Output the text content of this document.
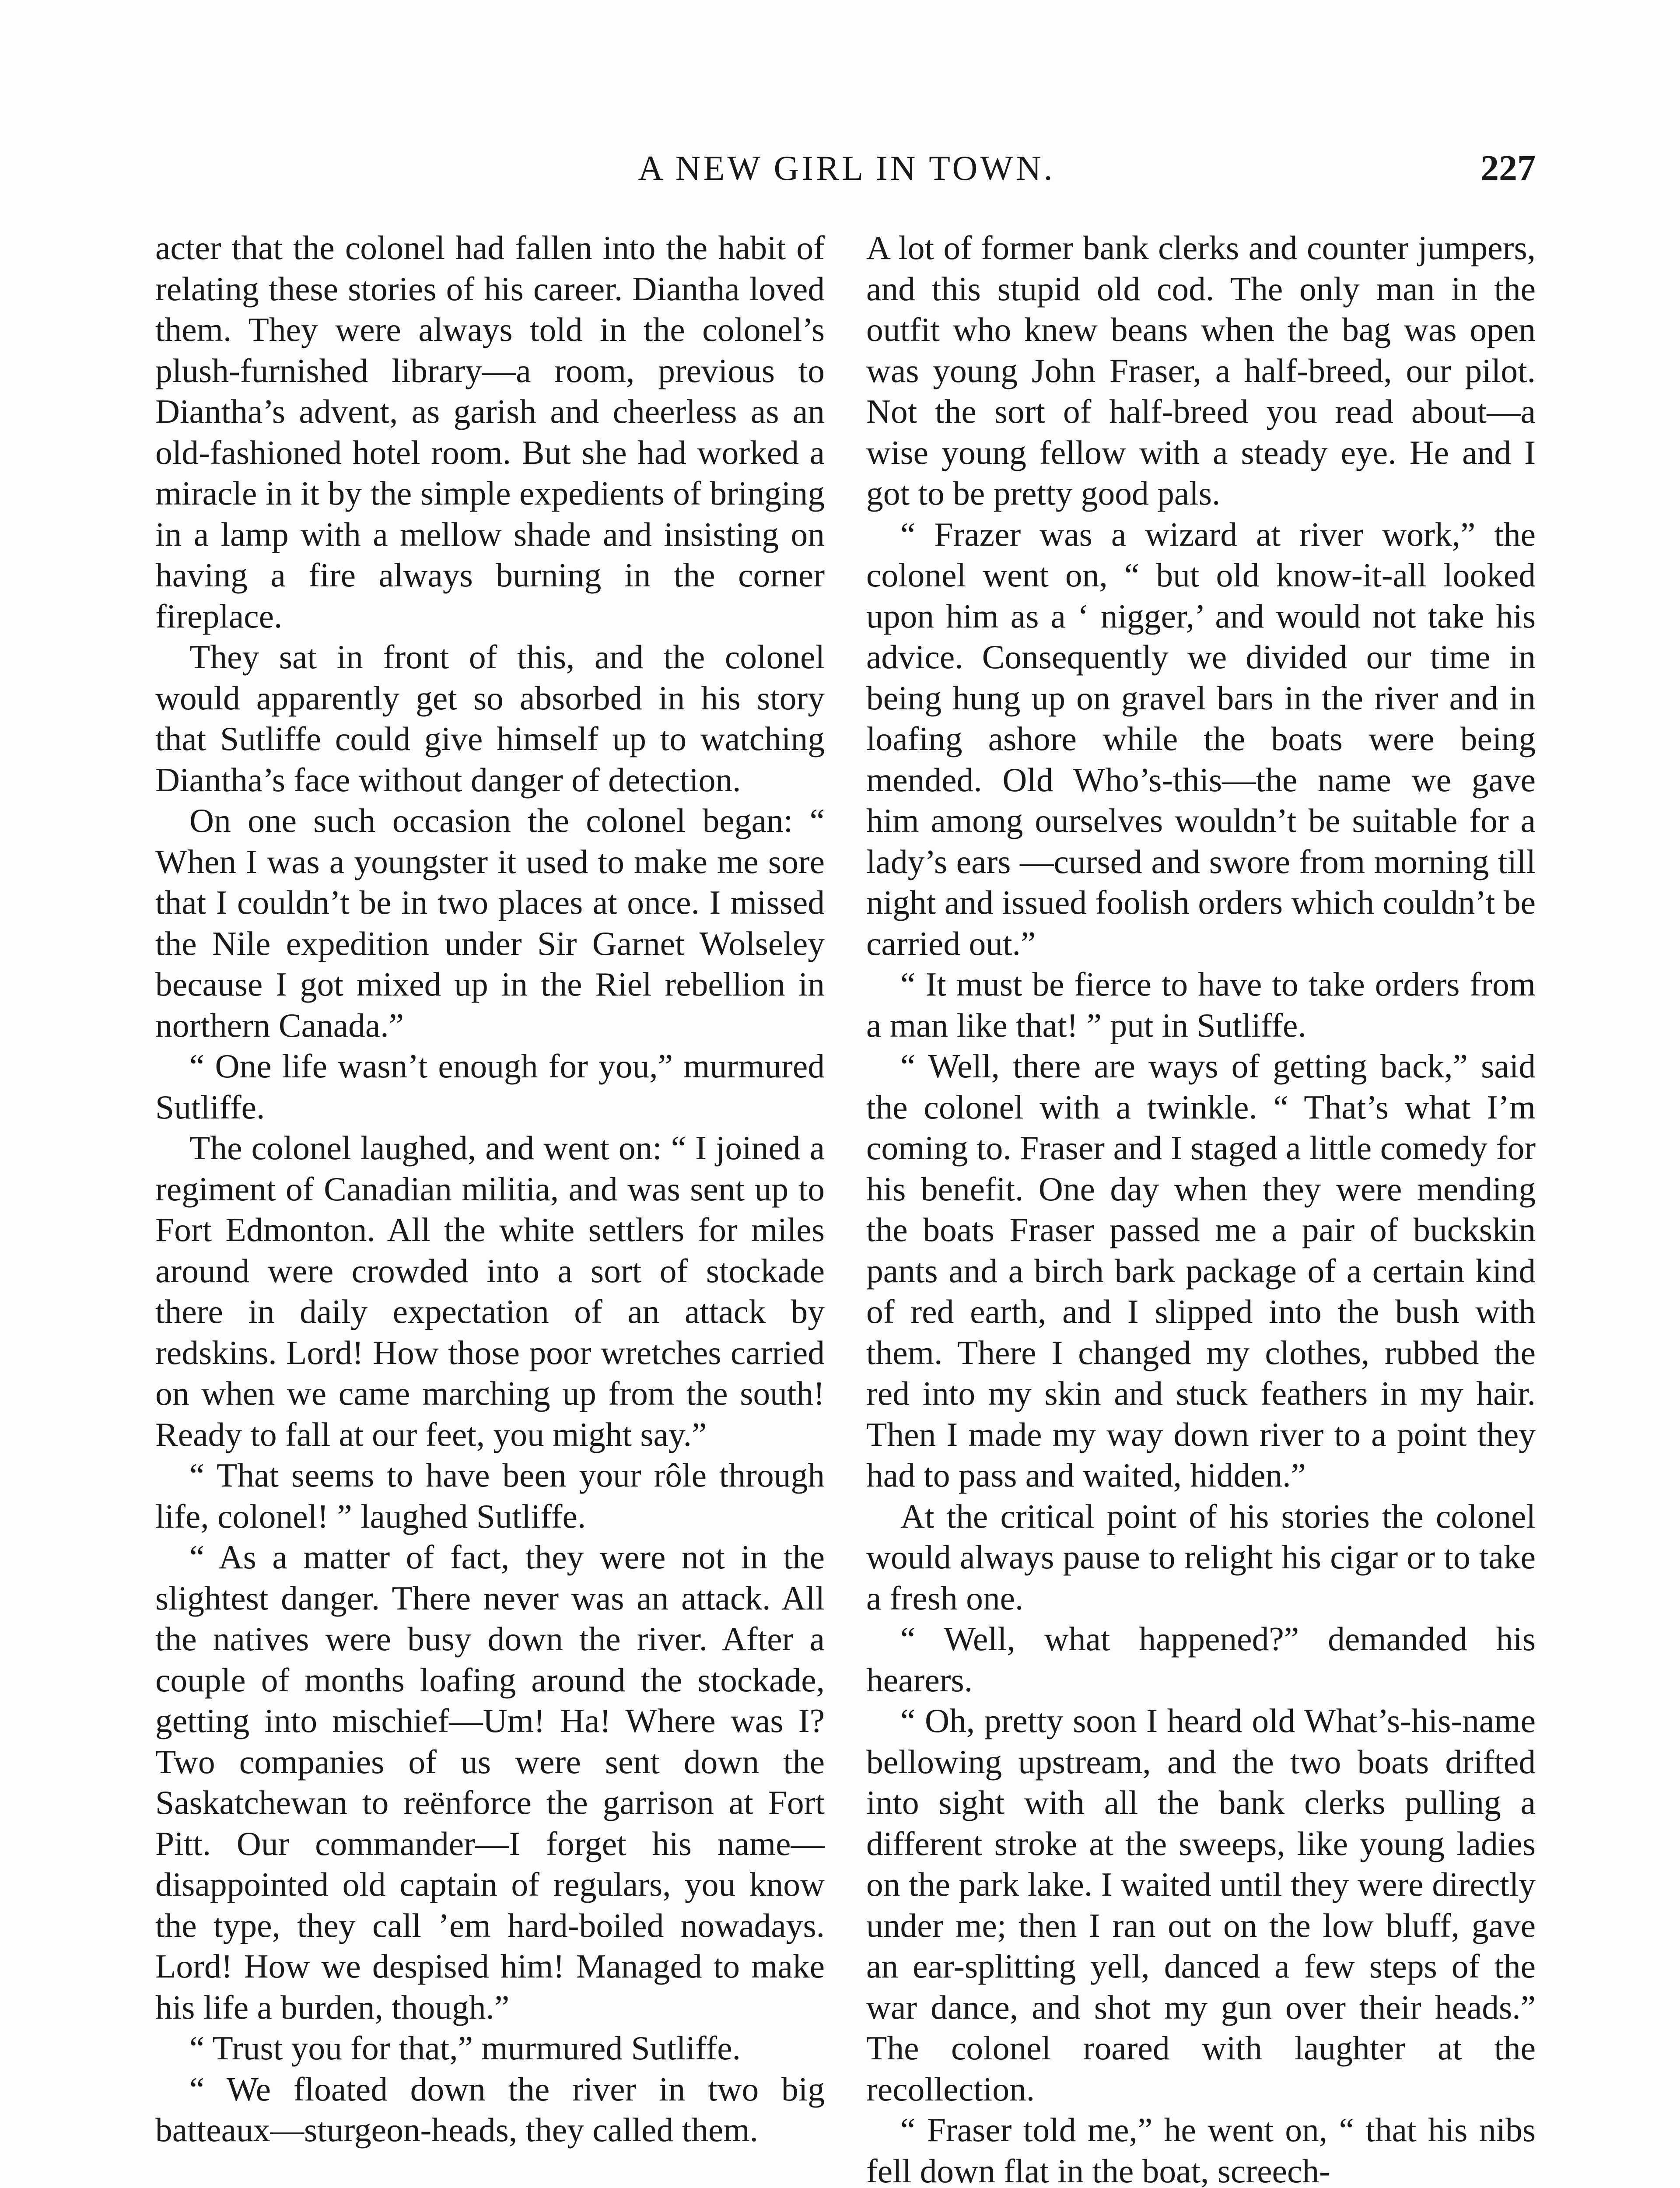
A NEW GIRL IN TOWN.	227

acter that the colonel had fallen into the habit of relating these stories of his career. Diantha loved them. They were always told in the colonel’s plush-furnished library—a room, previous to Diantha’s advent, as garish and cheerless as an old-fashioned hotel room. But she had worked a miracle in it by the simple expedients of bringing in a lamp with a mellow shade and insisting on having a fire always burning in the corner fireplace.

They sat in front of this, and the colonel would apparently get so absorbed in his story that Sutliffe could give himself up to watching Diantha’s face without danger of detection.

On one such occasion the colonel began: “ When I was a youngster it used to make me sore that I couldn’t be in two places at once. I missed the Nile expedition under Sir Garnet Wolseley because I got mixed up in the Riel rebellion in northern Canada.”

“ One life wasn’t enough for you,” murmured Sutliffe.

The colonel laughed, and went on: “ I joined a regiment of Canadian militia, and was sent up to Fort Edmonton. All the white settlers for miles around were crowded into a sort of stockade there in daily expectation of an attack by redskins. Lord! How those poor wretches carried on when we came marching up from the south! Ready to fall at our feet, you might say.”

“ That seems to have been your rôle through life, colonel! ” laughed Sutliffe.

“ As a matter of fact, they were not in the slightest danger. There never was an attack. All the natives were busy down the river. After a couple of months loafing around the stockade, getting into mischief—Um! Ha! Where was I? Two companies of us were sent down the Saskatchewan to reënforce the garrison at Fort Pitt. Our commander—I forget his name—disappointed old captain of regulars, you know the type, they call ’em hard-boiled nowadays. Lord! How we despised him! Managed to make his life a burden, though.”

“ Trust you for that,” murmured Sutliffe.

“ We floated down the river in two big batteaux—sturgeon-heads, they called them.

A lot of former bank clerks and counter jumpers, and this stupid old cod. The only man in the outfit who knew beans when the bag was open was young John Fraser, a half-breed, our pilot. Not the sort of half-breed you read about—a wise young fellow with a steady eye. He and I got to be pretty good pals.

“ Frazer was a wizard at river work,” the colonel went on, “ but old know-it-all looked upon him as a ‘ nigger,’ and would not take his advice. Consequently we divided our time in being hung up on gravel bars in the river and in loafing ashore while the boats were being mended. Old Who’s-this—the name we gave him among ourselves wouldn’t be suitable for a lady’s ears —cursed and swore from morning till night and issued foolish orders which couldn’t be carried out.”

“ It must be fierce to have to take orders from a man like that! ” put in Sutliffe.

“ Well, there are ways of getting back,” said the colonel with a twinkle. “ That’s what I’m coming to. Fraser and I staged a little comedy for his benefit. One day when they were mending the boats Fraser passed me a pair of buckskin pants and a birch bark package of a certain kind of red earth, and I slipped into the bush with them. There I changed my clothes, rubbed the red into my skin and stuck feathers in my hair. Then I made my way down river to a point they had to pass and waited, hidden.”

At the critical point of his stories the colonel would always pause to relight his cigar or to take a fresh one.

“ Well, what happened?” demanded his hearers.

“ Oh, pretty soon I heard old What’s-his-name bellowing upstream, and the two boats drifted into sight with all the bank clerks pulling a different stroke at the sweeps, like young ladies on the park lake. I waited until they were directly under me; then I ran out on the low bluff, gave an ear-splitting yell, danced a few steps of the war dance, and shot my gun over their heads.” The colonel roared with laughter at the recollection.

“ Fraser told me,” he went on, “ that his nibs fell down flat in the boat, screech-
